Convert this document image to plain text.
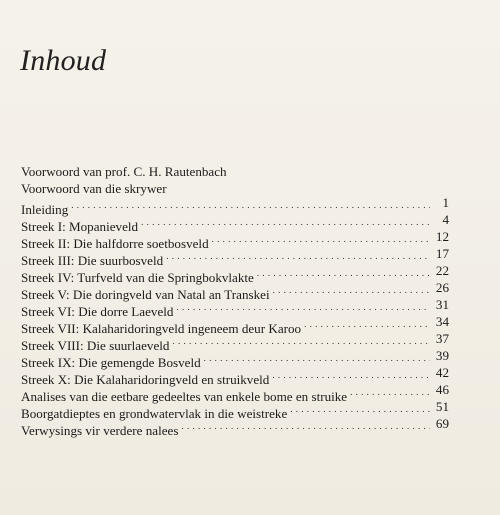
Inhoud
Voorwoord van prof. C. H. Rautenbach
Voorwoord van die skrywer
Inleiding . . .	1
Streek I: Mopanieveld . . .	4
Streek II: Die halfdorre soetbosveld . . .	12
Streek III: Die suurbosveld . . .	17
Streek IV: Turfveld van die Springbokvlakte . . .	22
Streek V: Die doringveld van Natal an Transkei . . .	26
Streek VI: Die dorre Laeveld . . .	31
Streek VII: Kalaharidoringveld ingeneem deur Karoo . . .	34
Streek VIII: Die suurlaeveld . . .	37
Streek IX: Die gemengde Bosveld . . .	39
Streek X: Die Kalaharidoringveld en struikveld . . .	42
Analises van die eetbare gedeeltes van enkele bome en struike . . .	46
Boorgatdieptes en grondwatervlak in die weistreke . . .	51
Verwysings vir verdere nalees . . .	69
